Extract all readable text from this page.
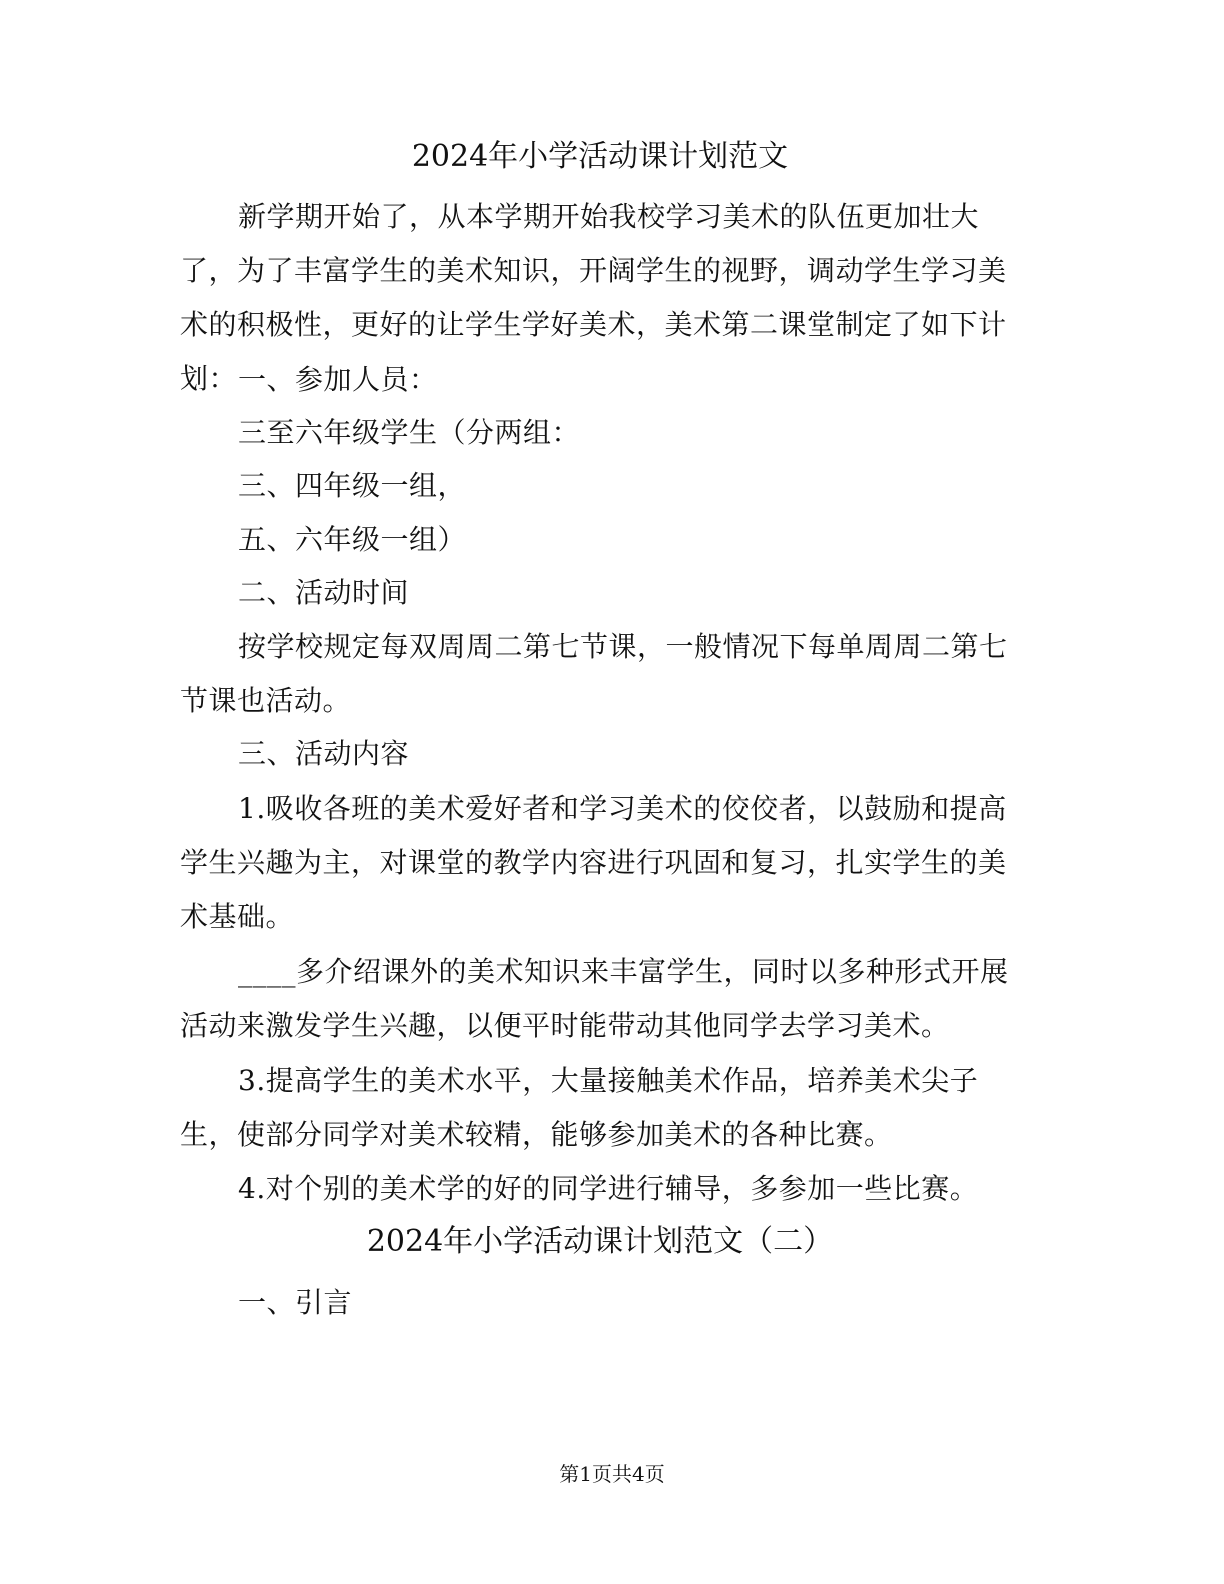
2024年小学活动课计划范文

新学期开始了，从本学期开始我校学习美术的队伍更加壮大了，为了丰富学生的美术知识，开阔学生的视野，调动学生学习美术的积极性，更好的让学生学好美术，美术第二课堂制定了如下计划： 一、参加人员：
三至六年级学生（分两组：
三、四年级一组，
五、六年级一组）
二、活动时间

按学校规定每双周周二第七节课，一般情况下每单周周二第七节课也活动。

三、活动内容

1.吸收各班的美术爱好者和学习美术的佼佼者，以鼓励和提高学生兴趣为主，对课堂的教学内容进行巩固和复习，扎实学生的美术基础。

____多介绍课外的美术知识来丰富学生，同时以多种形式开展活动来激发学生兴趣，以便平时能带动其他同学去学习美术。

3.提高学生的美术水平，大量接触美术作品，培养美术尖子生，使部分同学对美术较精，能够参加美术的各种比赛。

4.对个别的美术学的好的同学进行辅导，多参加一些比赛。
2024年小学活动课计划范文（二）
一、引言
第1页共4页
